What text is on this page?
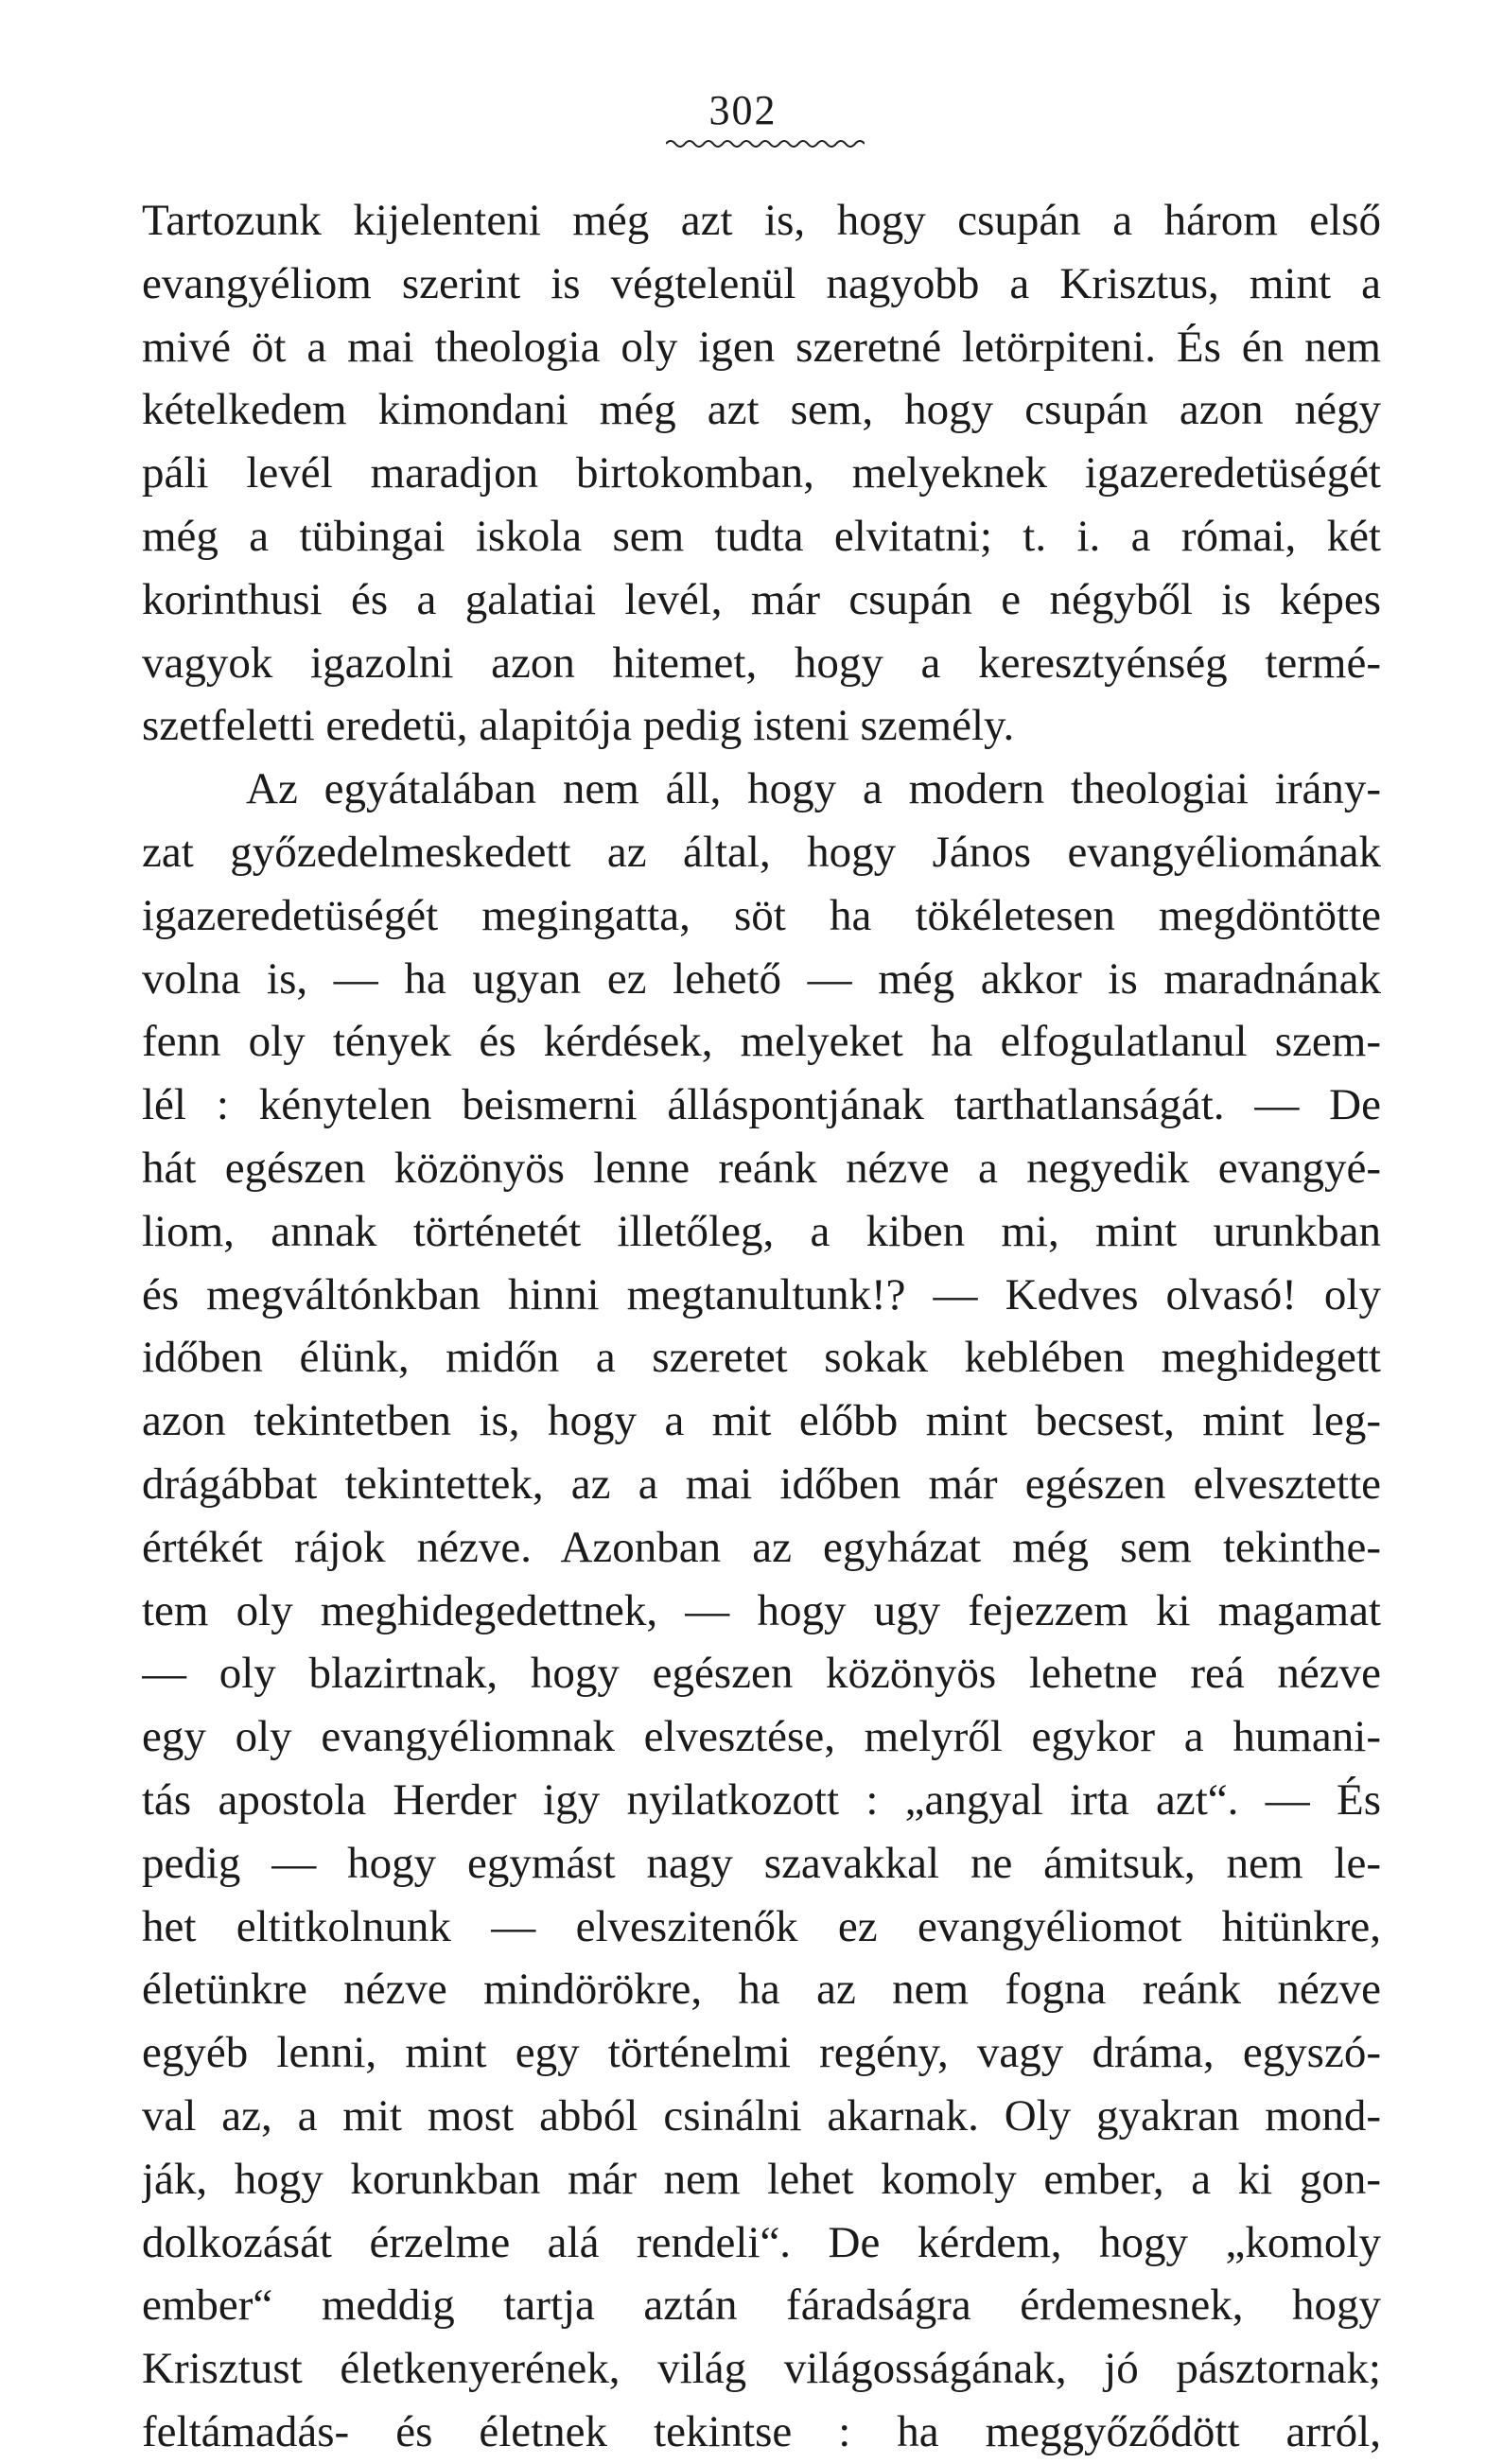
302
Tartozunk kijelenteni még azt is, hogy csupán a három első
evangyéliom szerint is végtelenül nagyobb a Krisztus, mint a
mivé öt a mai theologia oly igen szeretné letörpiteni. És én nem
kételkedem kimondani még azt sem, hogy csupán azon négy
páli levél maradjon birtokomban, melyeknek igazeredetüségét
még a tübingai iskola sem tudta elvitatni; t. i. a római, két
korinthusi és a galatiai levél, már csupán e négyből is képes
vagyok igazolni azon hitemet, hogy a keresztyénség termé-
szetfeletti eredetü, alapitója pedig isteni személy.
Az egyátalában nem áll, hogy a modern theologiai irány-
zat győzedelmeskedett az által, hogy János evangyéliomának
igazeredetüségét megingatta, söt ha tökéletesen megdöntötte
volna is, — ha ugyan ez lehető — még akkor is maradnának
fenn oly tények és kérdések, melyeket ha elfogulatlanul szem-
lél : kénytelen beismerni álláspontjának tarthatlanságát. — De
hát egészen közönyös lenne reánk nézve a negyedik evangyé-
liom, annak történetét illetőleg, a kiben mi, mint urunkban
és megváltónkban hinni megtanultunk!? — Kedves olvasó! oly
időben élünk, midőn a szeretet sokak keblében meghidegett
azon tekintetben is, hogy a mit előbb mint becsest, mint leg-
drágábbat tekintettek, az a mai időben már egészen elvesztette
értékét rájok nézve. Azonban az egyházat még sem tekinthe-
tem oly meghidegedettnek, — hogy ugy fejezzem ki magamat
— oly blazirtnak, hogy egészen közönyös lehetne reá nézve
egy oly evangyéliomnak elvesztése, melyről egykor a humani-
tás apostola Herder igy nyilatkozott : „angyal irta azt“. — És
pedig — hogy egymást nagy szavakkal ne ámitsuk, nem le-
het eltitkolnunk — elveszitenők ez evangyéliomot hitünkre,
életünkre nézve mindörökre, ha az nem fogna reánk nézve
egyéb lenni, mint egy történelmi regény, vagy dráma, egyszó-
val az, a mit most abból csinálni akarnak. Oly gyakran mond-
ják, hogy korunkban már nem lehet komoly ember, a ki gon-
dolkozását érzelme alá rendeli“. De kérdem, hogy „komoly
ember“ meddig tartja aztán fáradságra érdemesnek, hogy
Krisztust életkenyerének, világ világosságának, jó pásztornak;
feltámadás- és életnek tekintse : ha meggyőződött arról,
